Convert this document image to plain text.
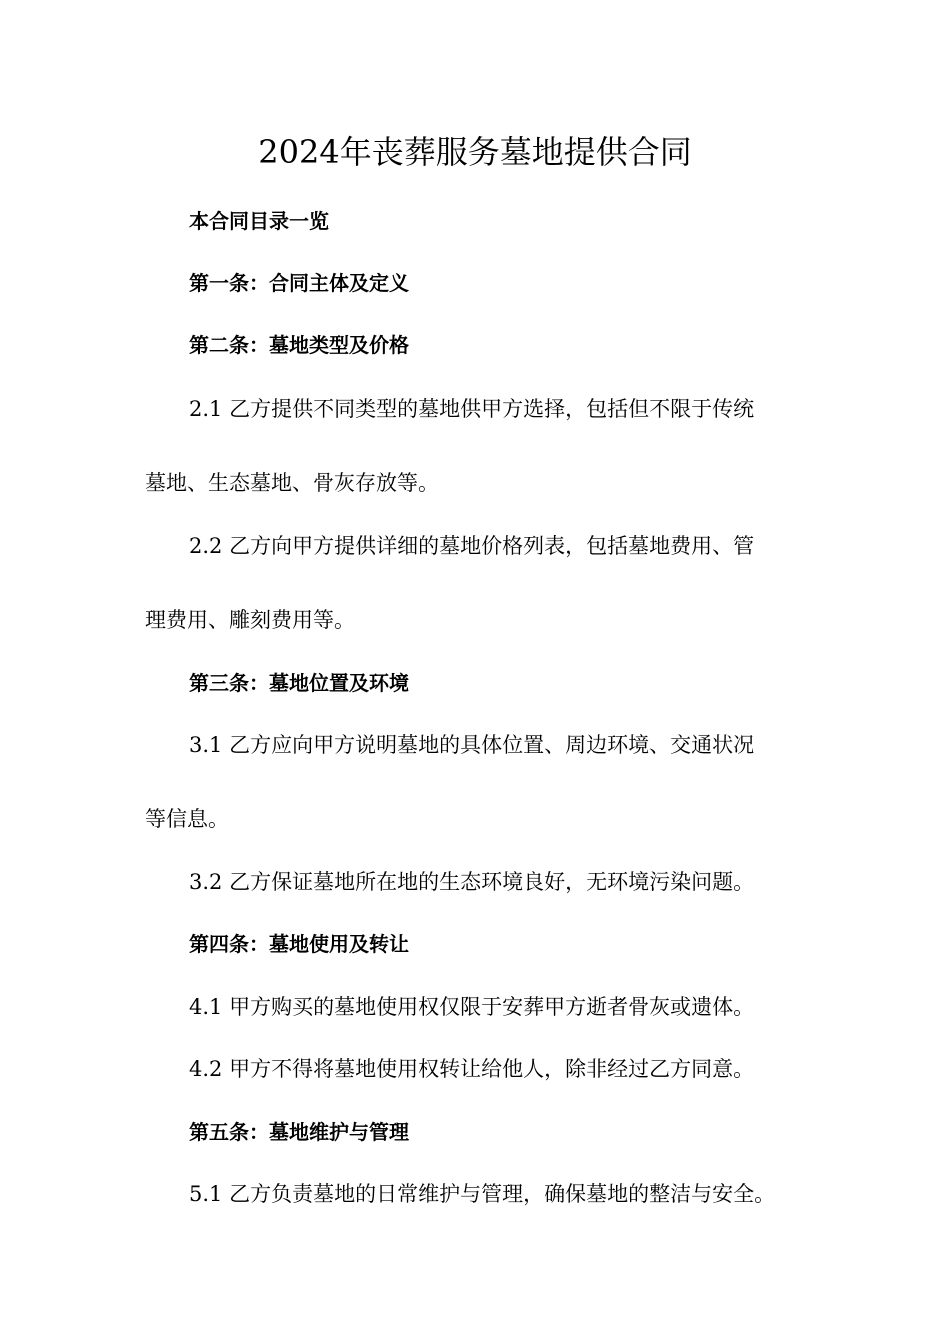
2024年丧葬服务墓地提供合同

本合同目录一览

第一条：合同主体及定义

第二条：墓地类型及价格

2.1 乙方提供不同类型的墓地供甲方选择，包括但不限于传统

墓地、生态墓地、骨灰存放等。

2.2 乙方向甲方提供详细的墓地价格列表，包括墓地费用、管

理费用、雕刻费用等。

第三条：墓地位置及环境

3.1 乙方应向甲方说明墓地的具体位置、周边环境、交通状况

等信息。

3.2 乙方保证墓地所在地的生态环境良好，无环境污染问题。

第四条：墓地使用及转让

4.1 甲方购买的墓地使用权仅限于安葬甲方逝者骨灰或遗体。

4.2 甲方不得将墓地使用权转让给他人，除非经过乙方同意。

第五条：墓地维护与管理

5.1 乙方负责墓地的日常维护与管理，确保墓地的整洁与安全。
